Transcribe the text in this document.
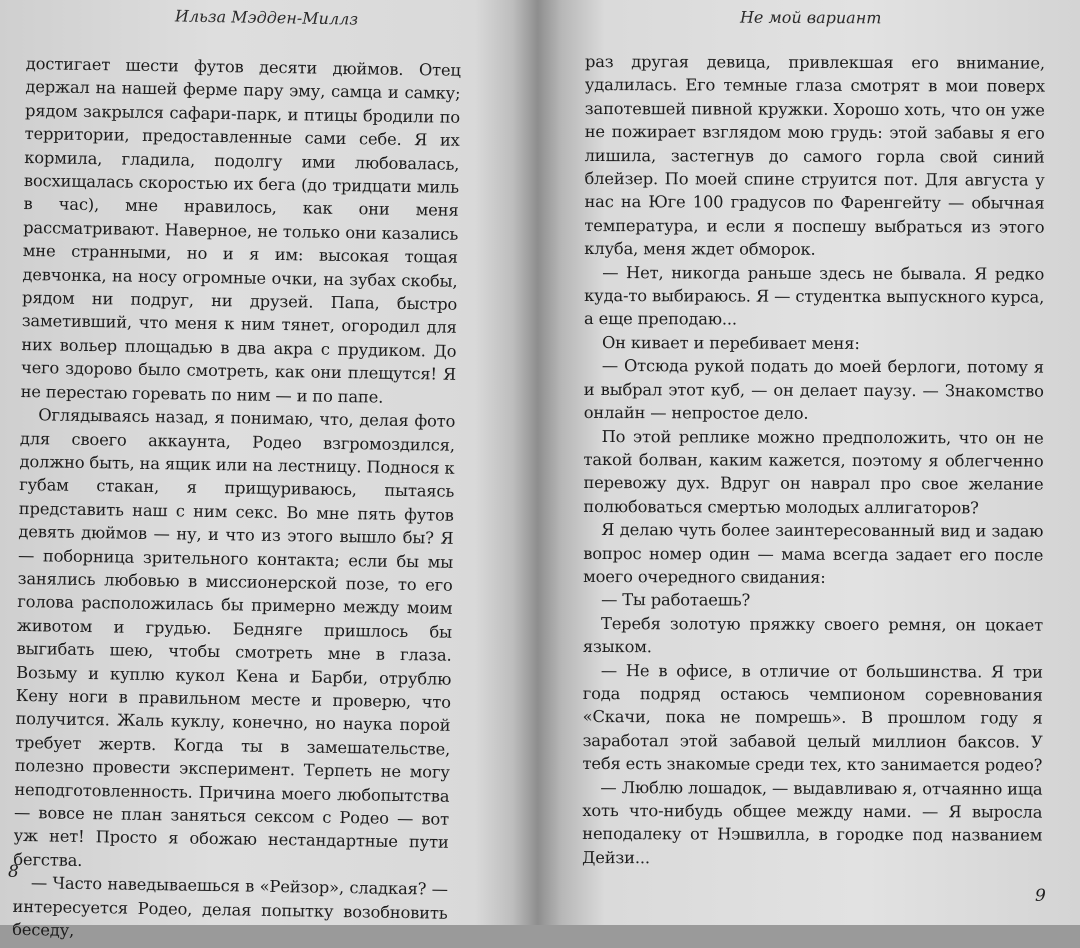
Ильза Мэдден-Миллз

достигает шести футов десяти дюймов. Отец держал на нашей ферме пару эму, самца и самку; рядом закрылся сафари-парк, и птицы бродили по территории, предоставленные сами себе. Я их кормила, гладила, подолгу ими любовалась, восхищалась скоростью их бега (до тридцати миль в час), мне нравилось, как они меня рассматривают. Наверное, не только они казались мне странными, но и я им: высокая тощая девчонка, на носу огромные очки, на зубах скобы, рядом ни подруг, ни друзей. Папа, быстро заметивший, что меня к ним тянет, огородил для них вольер площадью в два акра с прудиком. До чего здорово было смотреть, как они плещутся! Я не перестаю горевать по ним — и по папе.

Оглядываясь назад, я понимаю, что, делая фото для своего аккаунта, Родео взгромоздился, должно быть, на ящик или на лестницу. Поднося к губам стакан, я прищуриваюсь, пытаясь представить наш с ним секс. Во мне пять футов девять дюймов — ну, и что из этого вышло бы? Я — поборница зрительного контакта; если бы мы занялись любовью в миссионерской позе, то его голова расположилась бы примерно между моим животом и грудью. Бедняге пришлось бы выгибать шею, чтобы смотреть мне в глаза. Возьму и куплю кукол Кена и Барби, отрублю Кену ноги в правильном месте и проверю, что получится. Жаль куклу, конечно, но наука порой требует жертв. Когда ты в замешательстве, полезно провести эксперимент. Терпеть не могу неподготовленность. Причина моего любопытства — вовсе не план заняться сексом с Родео — вот уж нет! Просто я обожаю нестандартные пути бегства.

— Часто наведываешься в «Рейзор», сладкая? — интересуется Родео, делая попытку возобновить беседу,

8
Не мой вариант

раз другая девица, привлекшая его внимание, удалилась. Его темные глаза смотрят в мои поверх запотевшей пивной кружки. Хорошо хоть, что он уже не пожирает взглядом мою грудь: этой забавы я его лишила, застегнув до самого горла свой синий блейзер. По моей спине струится пот. Для августа у нас на Юге 100 градусов по Фаренгейту — обычная температура, и если я поспешу выбраться из этого клуба, меня ждет обморок.

— Нет, никогда раньше здесь не бывала. Я редко куда-то выбираюсь. Я — студентка выпускного курса, а еще преподаю...

Он кивает и перебивает меня:

— Отсюда рукой подать до моей берлоги, потому я и выбрал этот куб, — он делает паузу. — Знакомство онлайн — непростое дело.

По этой реплике можно предположить, что он не такой болван, каким кажется, поэтому я облегченно перевожу дух. Вдруг он наврал про свое желание полюбоваться смертью молодых аллигаторов?

Я делаю чуть более заинтересованный вид и задаю вопрос номер один — мама всегда задает его после моего очередного свидания:

— Ты работаешь?

Теребя золотую пряжку своего ремня, он цокает языком.

— Не в офисе, в отличие от большинства. Я три года подряд остаюсь чемпионом соревнования «Скачи, пока не помрешь». В прошлом году я заработал этой забавой целый миллион баксов. У тебя есть знакомые среди тех, кто занимается родео?

— Люблю лошадок, — выдавливаю я, отчаянно ища хоть что-нибудь общее между нами. — Я выросла неподалеку от Нэшвилла, в городке под названием Дейзи...

9
